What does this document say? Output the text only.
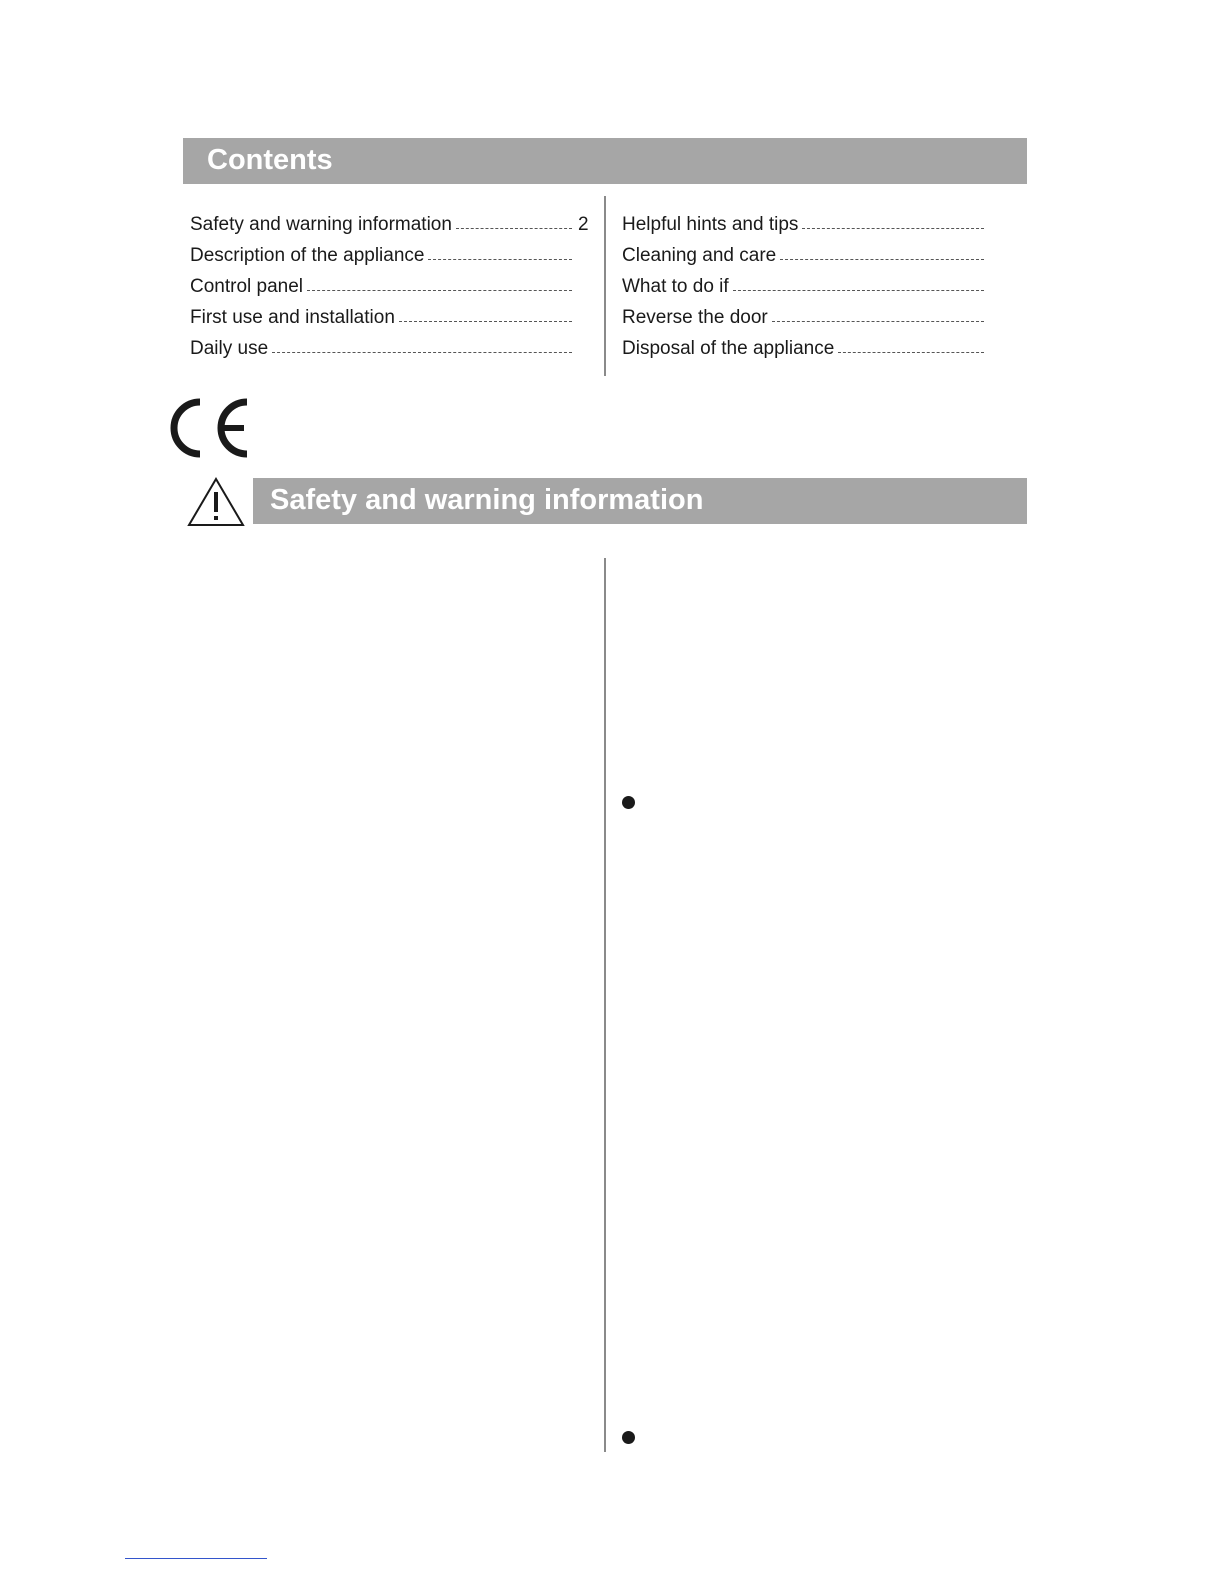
Contents
Safety and warning information	2
Description of the appliance
Control panel
First use and installation
Daily use
Helpful hints and tips
Cleaning and care
What to do if
Reverse the door
Disposal of the appliance
Safety and warning information
